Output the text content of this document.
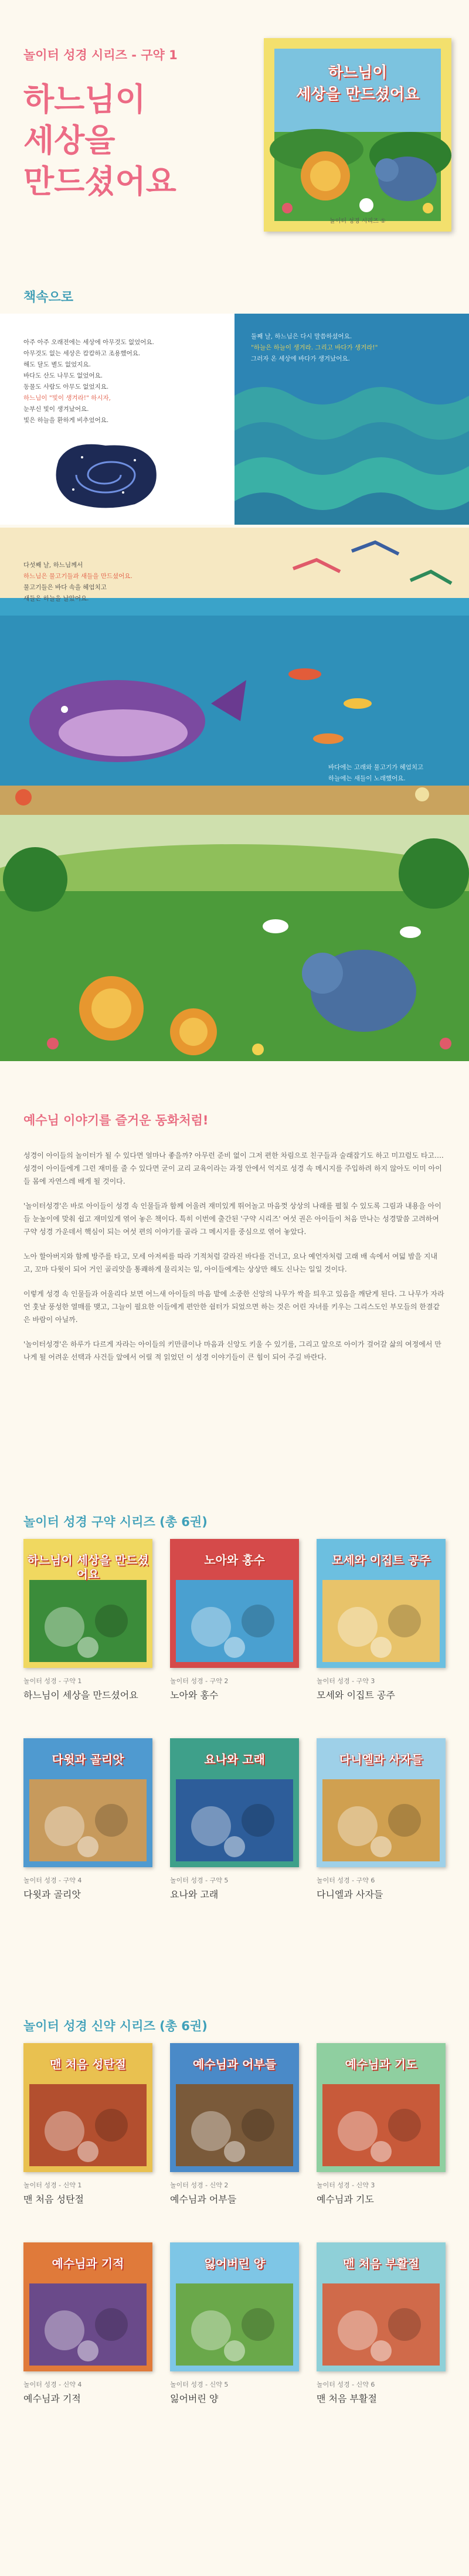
놀이터 성경 시리즈 - 구약 1
하느님이
세상을
만드셨어요
하느님이
세상을 만드셨어요
놀이터 성경 시리즈 ①
책속으로
아주 아주 오래전에는 세상에 아무것도 없었어요.
아무것도 없는 세상은 캄캄하고 조용했어요.
해도 달도 별도 없었지요.
바다도 산도 나무도 없었어요.
동물도 사람도 아무도 없었지요.
하느님이 "빛이 생겨라!" 하시자,
눈부신 빛이 생겨났어요.
빛은 하늘을 환하게 비추었어요.
둘째 날, 하느님은 다시 말씀하셨어요.
"하늘은 하늘이 생겨라. 그리고 바다가 생겨라!"
그러자 온 세상에 바다가 생겨났어요.
다섯째 날, 하느님께서
하느님은 물고기들과 새들을 만드셨어요.
물고기들은 바다 속을 헤엄치고
새들은 하늘을 날았어요.
바다에는 고래와 물고기가 헤엄치고
하늘에는 새들이 노래했어요.
예수님 이야기를 즐거운 동화처럼!

성경이 아이들의 놀이터가 될 수 있다면 얼마나 좋을까? 아무런 준비 없이 그저 편한 차림으로 친구들과 술래잡기도 하고 미끄럼도 타고…. 성경이 아이들에게 그런 재미를 줄 수 있다면 굳이 교리 교육이라는 과정 안에서 억지로 성경 속 메시지를 주입하려 하지 않아도 이미 아이들 몸에 자연스레 배게 될 것이다.

'놀이터성경'은 바로 아이들이 성경 속 인물들과 함께 어울려 재미있게 뛰어놀고 마음껏 상상의 나래를 펼칠 수 있도록 그림과 내용을 아이들 눈높이에 맞춰 쉽고 재미있게 엮어 놓은 책이다. 특히 이번에 출간된 '구약 시리즈' 여섯 권은 아이들이 처음 만나는 성경말씀 고려하여 구약 성경 가운데서 핵심이 되는 여섯 편의 이야기를 골라 그 메시지를 중심으로 엮어 놓았다.

노아 할아버지와 함께 방주를 타고, 모세 아저씨를 따라 기적처럼 갈라진 바다를 건너고, 요나 예언자처럼 고래 배 속에서 여덟 밤을 지내고, 꼬마 다윗이 되어 거인 골리앗을 통쾌하게 물리치는 일, 아이들에게는 상상만 해도 신나는 일일 것이다.

이렇게 성경 속 인물들과 어울리다 보면 어느새 아이들의 마음 밭에 소중한 신앙의 나무가 싹을 틔우고 있음을 깨닫게 된다. 그 나무가 자라 언 훗날 풍성한 열매를 맺고, 그늘이 필요한 이들에게 편안한 쉼터가 되었으면 하는 것은 어린 자녀를 키우는 그리스도인 부모들의 한결같은 바람이 아닐까.

'놀이터성경'은 하루가 다르게 자라는 아이들의 키만큼이나 마음과 신앙도 키울 수 있기를, 그리고 앞으로 아이가 걸어갈 삶의 여정에서 만나게 될 어려운 선택과 사건들 앞에서 어릴 적 읽었던 이 성경 이야기들이 큰 힘이 되어 주길 바란다.

놀이터 성경 구약 시리즈 (총 6권)
하느님이 세상을 만드셨어요
놀이터 성경 - 구약 1
하느님이 세상을 만드셨어요
노아와 홍수
놀이터 성경 - 구약 2
노아와 홍수
모세와 이집트 공주
놀이터 성경 - 구약 3
모세와 이집트 공주
다윗과 골리앗
놀이터 성경 - 구약 4
다윗과 골리앗
요나와 고래
놀이터 성경 - 구약 5
요나와 고래
다니엘과 사자들
놀이터 성경 - 구약 6
다니엘과 사자들
놀이터 성경 신약 시리즈 (총 6권)
맨 처음 성탄절
놀이터 성경 - 신약 1
맨 처음 성탄절
예수님과 어부들
놀이터 성경 - 신약 2
예수님과 어부들
예수님과 기도
놀이터 성경 - 신약 3
예수님과 기도
예수님과 기적
놀이터 성경 - 신약 4
예수님과 기적
잃어버린 양
놀이터 성경 - 신약 5
잃어버린 양
맨 처음 부활절
놀이터 성경 - 신약 6
맨 처음 부활절
